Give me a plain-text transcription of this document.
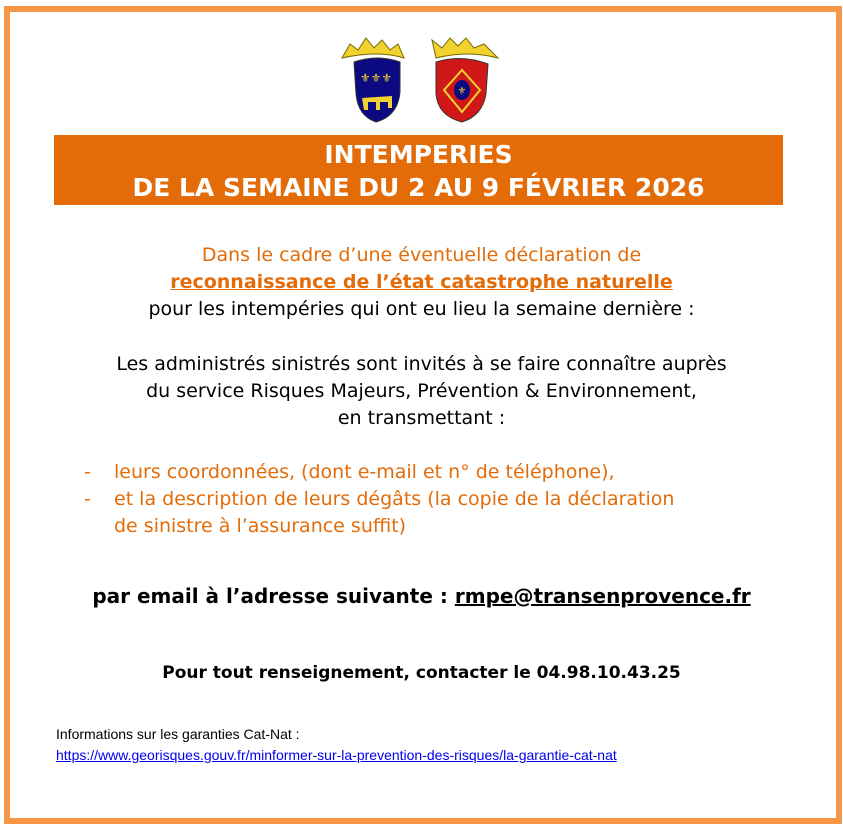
⚜⚜⚜
⚜
INTEMPERIES
DE LA SEMAINE DU 2 AU 9 FÉVRIER 2026
Dans le cadre d’une éventuelle déclaration de
reconnaissance de l’état catastrophe naturelle
pour les intempéries qui ont eu lieu la semaine dernière :
Les administrés sinistrés sont invités à se faire connaître auprès
du service Risques Majeurs, Prévention & Environnement,
en transmettant :
- leurs coordonnées, (dont e-mail et n° de téléphone),
- et la description de leurs dégâts (la copie de la déclaration
de sinistre à l’assurance suffit)
par email à l’adresse suivante : rmpe@transenprovence.fr
Pour tout renseignement, contacter le 04.98.10.43.25
Informations sur les garanties Cat-Nat :
https://www.georisques.gouv.fr/minformer-sur-la-prevention-des-risques/la-garantie-cat-nat
